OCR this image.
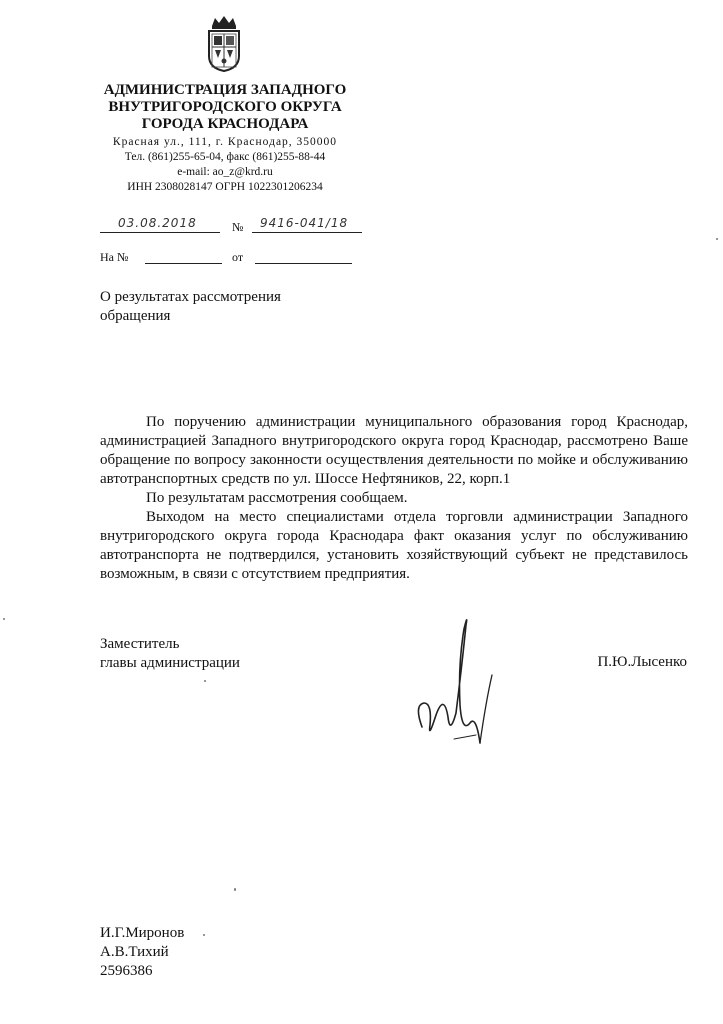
АДМИНИСТРАЦИЯ ЗАПАДНОГО
ВНУТРИГОРОДСКОГО ОКРУГА
ГОРОДА КРАСНОДАРА
Красная ул., 111, г. Краснодар, 350000
Тел. (861)255-65-04, факс (861)255-88-44
e-mail: ao_z@krd.ru
ИНН 2308028147 ОГРН 1022301206234
03.08.2018	№ 9416-041/18
На №	от
О результатах рассмотрения
обращения

По поручению администрации муниципального образования город Краснодар, администрацией Западного внутригородского округа город Краснодар, рассмотрено Ваше обращение по вопросу законности осуществления деятельности по мойке и обслуживанию автотранспортных средств по ул. Шоссе Нефтяников, 22, корп.1

По результатам рассмотрения сообщаем.

Выходом на место специалистами отдела торговли администрации Западного внутригородского округа города Краснодара факт оказания услуг по обслуживанию автотранспорта не подтвердился, установить хозяйствующий субъект не представилось возможным, в связи с отсутствием предприятия.

Заместитель
главы администрации	П.Ю.Лысенко
И.Г.Миронов
А.В.Тихий
2596386
